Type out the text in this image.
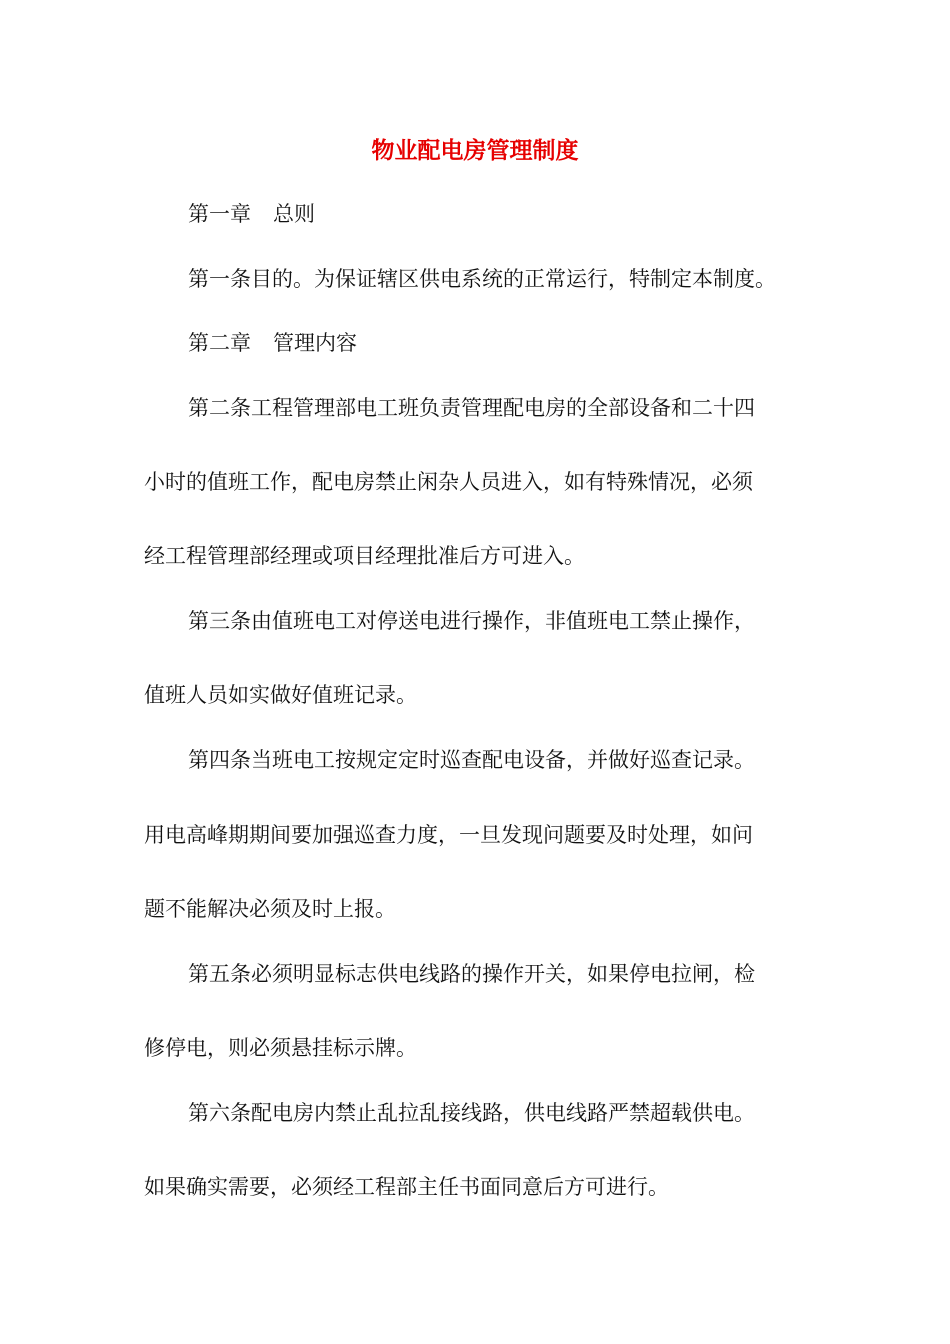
物业配电房管理制度

第一章 总则

第一条目的。为保证辖区供电系统的正常运行，特制定本制度。

第二章 管理内容

第二条工程管理部电工班负责管理配电房的全部设备和二十四

小时的值班工作，配电房禁止闲杂人员进入，如有特殊情况，必须

经工程管理部经理或项目经理批准后方可进入。

第三条由值班电工对停送电进行操作，非值班电工禁止操作，

值班人员如实做好值班记录。

第四条当班电工按规定定时巡查配电设备，并做好巡查记录。

用电高峰期期间要加强巡查力度，一旦发现问题要及时处理，如问

题不能解决必须及时上报。

第五条必须明显标志供电线路的操作开关，如果停电拉闸，检

修停电，则必须悬挂标示牌。

第六条配电房内禁止乱拉乱接线路，供电线路严禁超载供电。

如果确实需要，必须经工程部主任书面同意后方可进行。
